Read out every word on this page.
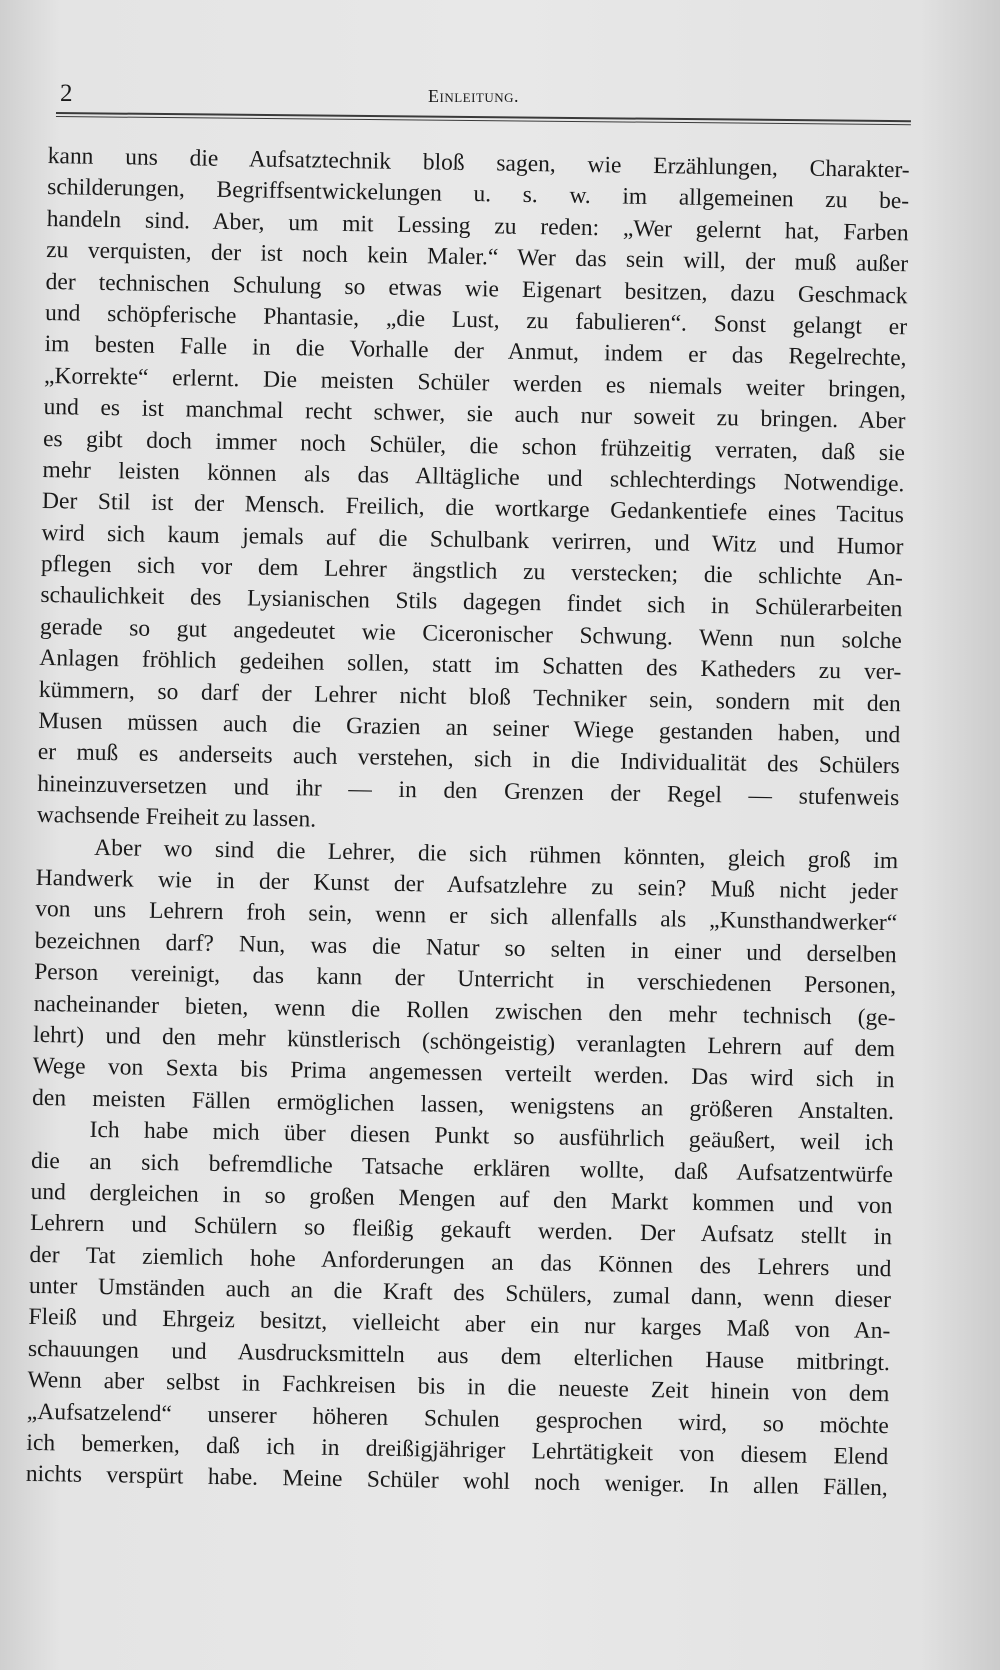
2	Einleitung.
kann uns die Aufsatztechnik bloß sagen, wie Erzählungen, Charakter-
schilderungen, Begriffsentwickelungen u. s. w. im allgemeinen zu be-
handeln sind. Aber, um mit Lessing zu reden: „Wer gelernt hat, Farben
zu verquisten, der ist noch kein Maler.“ Wer das sein will, der muß außer
der technischen Schulung so etwas wie Eigenart besitzen, dazu Geschmack
und schöpferische Phantasie, „die Lust, zu fabulieren“. Sonst gelangt er
im besten Falle in die Vorhalle der Anmut, indem er das Regelrechte,
„Korrekte“ erlernt. Die meisten Schüler werden es niemals weiter bringen,
und es ist manchmal recht schwer, sie auch nur soweit zu bringen. Aber
es gibt doch immer noch Schüler, die schon frühzeitig verraten, daß sie
mehr leisten können als das Alltägliche und schlechterdings Notwendige.
Der Stil ist der Mensch. Freilich, die wortkarge Gedankentiefe eines Tacitus
wird sich kaum jemals auf die Schulbank verirren, und Witz und Humor
pflegen sich vor dem Lehrer ängstlich zu verstecken; die schlichte An-
schaulichkeit des Lysianischen Stils dagegen findet sich in Schülerarbeiten
gerade so gut angedeutet wie Ciceronischer Schwung. Wenn nun solche
Anlagen fröhlich gedeihen sollen, statt im Schatten des Katheders zu ver-
kümmern, so darf der Lehrer nicht bloß Techniker sein, sondern mit den
Musen müssen auch die Grazien an seiner Wiege gestanden haben, und
er muß es anderseits auch verstehen, sich in die Individualität des Schülers
hineinzuversetzen und ihr — in den Grenzen der Regel — stufenweis
wachsende Freiheit zu lassen.
Aber wo sind die Lehrer, die sich rühmen könnten, gleich groß im
Handwerk wie in der Kunst der Aufsatzlehre zu sein? Muß nicht jeder
von uns Lehrern froh sein, wenn er sich allenfalls als „Kunsthandwerker“
bezeichnen darf? Nun, was die Natur so selten in einer und derselben
Person vereinigt, das kann der Unterricht in verschiedenen Personen,
nacheinander bieten, wenn die Rollen zwischen den mehr technisch (ge-
lehrt) und den mehr künstlerisch (schöngeistig) veranlagten Lehrern auf dem
Wege von Sexta bis Prima angemessen verteilt werden. Das wird sich in
den meisten Fällen ermöglichen lassen, wenigstens an größeren Anstalten.
Ich habe mich über diesen Punkt so ausführlich geäußert, weil ich
die an sich befremdliche Tatsache erklären wollte, daß Aufsatzentwürfe
und dergleichen in so großen Mengen auf den Markt kommen und von
Lehrern und Schülern so fleißig gekauft werden. Der Aufsatz stellt in
der Tat ziemlich hohe Anforderungen an das Können des Lehrers und
unter Umständen auch an die Kraft des Schülers, zumal dann, wenn dieser
Fleiß und Ehrgeiz besitzt, vielleicht aber ein nur karges Maß von An-
schauungen und Ausdrucksmitteln aus dem elterlichen Hause mitbringt.
Wenn aber selbst in Fachkreisen bis in die neueste Zeit hinein von dem
„Aufsatzelend“ unserer höheren Schulen gesprochen wird, so möchte
ich bemerken, daß ich in dreißigjähriger Lehrtätigkeit von diesem Elend
nichts verspürt habe. Meine Schüler wohl noch weniger. In allen Fällen,
